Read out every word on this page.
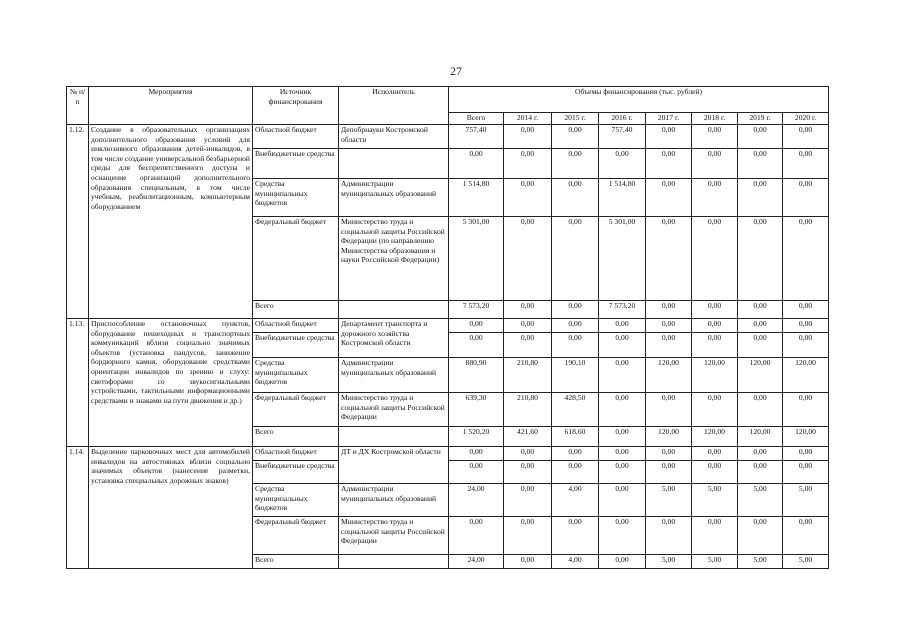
27
№ п/п	Мероприятия	Источник финансирования	Исполнитель	Объемы финансирования (тыс. рублей)							
				Всего	2014 г.	2015 г.	2016 г.	2017 г.	2018 г.	2019 г.	2020 г.
1.12.	Создание в образовательных организациях дополнительного образования условий для инклюзивного образования детей-инвалидов, в том числе создание универсальной безбарьерной среды для беспрепятственного доступа и оснащение организаций дополнительного образования специальным, в том числе учебным, реабилитационным, компьютерным оборудованием	Областной бюджет	Депобрнауки Костромской области	757,40	0,00	0,00	757,40	0,00	0,00	0,00	0,00
		Внебюджетные средства		0,00	0,00	0,00	0,00	0,00	0,00	0,00	0,00
		Средства муниципальных бюджетов	Администрации муниципальных образований	1 514,80	0,00	0,00	1 514,80	0,00	0,00	0,00	0,00
		Федеральный бюджет	Министерство труда и социальной защиты Российской Федерации (по направлению Министерства образования и науки Российской Федерации)	5 301,00	0,00	0,00	5 301,00	0,00	0,00	0,00	0,00
		Всего		7 573,20	0,00	0,00	7 573,20	0,00	0,00	0,00	0,00
1.13.	Приспособление остановочных пунктов, оборудование пешеходных и транспортных коммуникаций вблизи социально значимых объектов (установка пандусов, занижение бордюрного камня, оборудование средствами ориентации инвалидов по зрению и слуху: светофорами со звукосигнальными устройствами, тактильными информационными средствами и знаками на пути движения и др.)	Областной бюджет	Департамент транспорта и дорожного хозяйства Костромской области	0,00	0,00	0,00	0,00	0,00	0,00	0,00	0,00
		Внебюджетные средства		0,00	0,00	0,00	0,00	0,00	0,00	0,00	0,00
		Средства муниципальных бюджетов	Администрации муниципальных образований	880,90	210,80	190,10	0,00	120,00	120,00	120,00	120,00
		Федеральный бюджет	Министерство труда и социальной защиты Российской Федерации	639,30	210,80	428,50	0,00	0,00	0,00	0,00	0,00
		Всего		1 520,20	421,60	618,60	0,00	120,00	120,00	120,00	120,00
1.14.	Выделение парковочных мест для автомобилей инвалидов на автостоянках вблизи социально значимых объектов (нанесение разметки, установка специальных дорожных знаков)	Областной бюджет	ДТ и ДХ Костромской области	0,00	0,00	0,00	0,00	0,00	0,00	0,00	0,00
		Внебюджетные средства		0,00	0,00	0,00	0,00	0,00	0,00	0,00	0,00
		Средства муниципальных бюджетов	Администрации муниципальных образований	24,00	0,00	4,00	0,00	5,00	5,00	5,00	5,00
		Федеральный бюджет	Министерство труда и социальной защиты Российской Федерации	0,00	0,00	0,00	0,00	0,00	0,00	0,00	0,00
		Всего		24,00	0,00	4,00	0,00	5,00	5,00	5,00	5,00
